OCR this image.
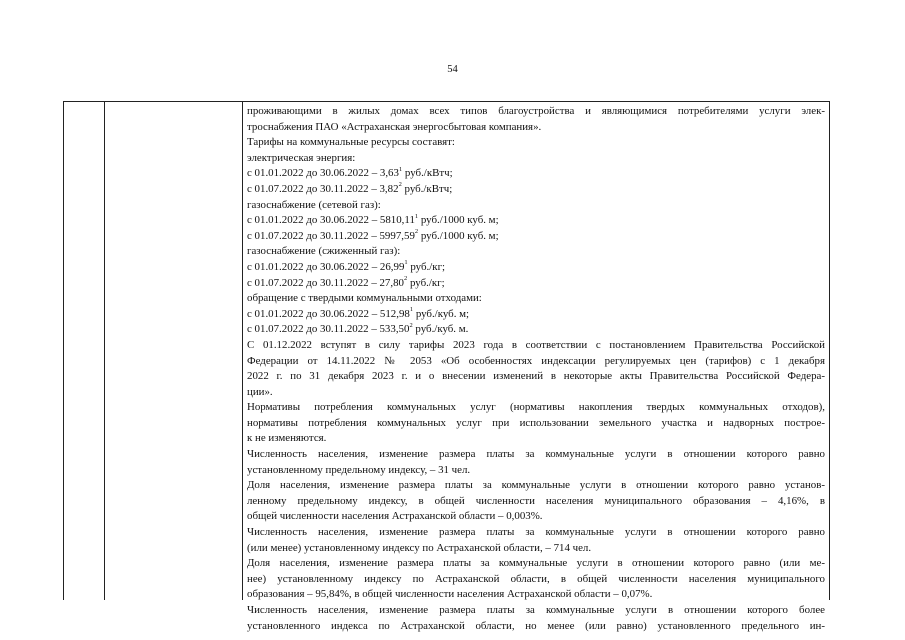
54
проживающими в жилых домах всех типов благоустройства и являющимися потребителями услуги элек-
троснабжения ПАО «Астраханская энергосбытовая компания».
Тарифы на коммунальные ресурсы составят:
электрическая энергия:
с 01.01.2022 до 30.06.2022 – 3,63$^1$ руб./кВтч;
с 01.07.2022 до 30.11.2022 – 3,82$^2$ руб./кВтч;
газоснабжение (сетевой газ):
с 01.01.2022 до 30.06.2022 – 5810,11$^1$ руб./1000 куб. м;
с 01.07.2022 до 30.11.2022 – 5997,59$^2$ руб./1000 куб. м;
газоснабжение (сжиженный газ):
с 01.01.2022 до 30.06.2022 – 26,99$^1$ руб./кг;
с 01.07.2022 до 30.11.2022 – 27,80$^2$ руб./кг;
обращение с твердыми коммунальными отходами:
с 01.01.2022 до 30.06.2022 – 512,98$^1$ руб./куб. м;
с 01.07.2022 до 30.11.2022 – 533,50$^2$ руб./куб. м.
С 01.12.2022 вступят в силу тарифы 2023 года в соответствии с постановлением Правительства Российской
Федерации от 14.11.2022 № 2053 «Об особенностях индексации регулируемых цен (тарифов) с 1 декабря
2022 г. по 31 декабря 2023 г. и о внесении изменений в некоторые акты Правительства Российской Федера-
ции».
Нормативы потребления коммунальных услуг (нормативы накопления твердых коммунальных отходов),
нормативы потребления коммунальных услуг при использовании земельного участка и надворных построе-
к не изменяются.
Численность населения, изменение размера платы за коммунальные услуги в отношении которого равно
установленному предельному индексу, – 31 чел.
Доля населения, изменение размера платы за коммунальные услуги в отношении которого равно установ-
ленному предельному индексу, в общей численности населения муниципального образования – 4,16%, в
общей численности населения Астраханской области – 0,003%.
Численность населения, изменение размера платы за коммунальные услуги в отношении которого равно
(или менее) установленному индексу по Астраханской области, – 714 чел.
Доля населения, изменение размера платы за коммунальные услуги в отношении которого равно (или ме-
нее) установленному индексу по Астраханской области, в общей численности населения муниципального
образования – 95,84%, в общей численности населения Астраханской области – 0,07%.
Численность населения, изменение размера платы за коммунальные услуги в отношении которого более
установленного индекса по Астраханской области, но менее (или равно) установленного предельного ин-
